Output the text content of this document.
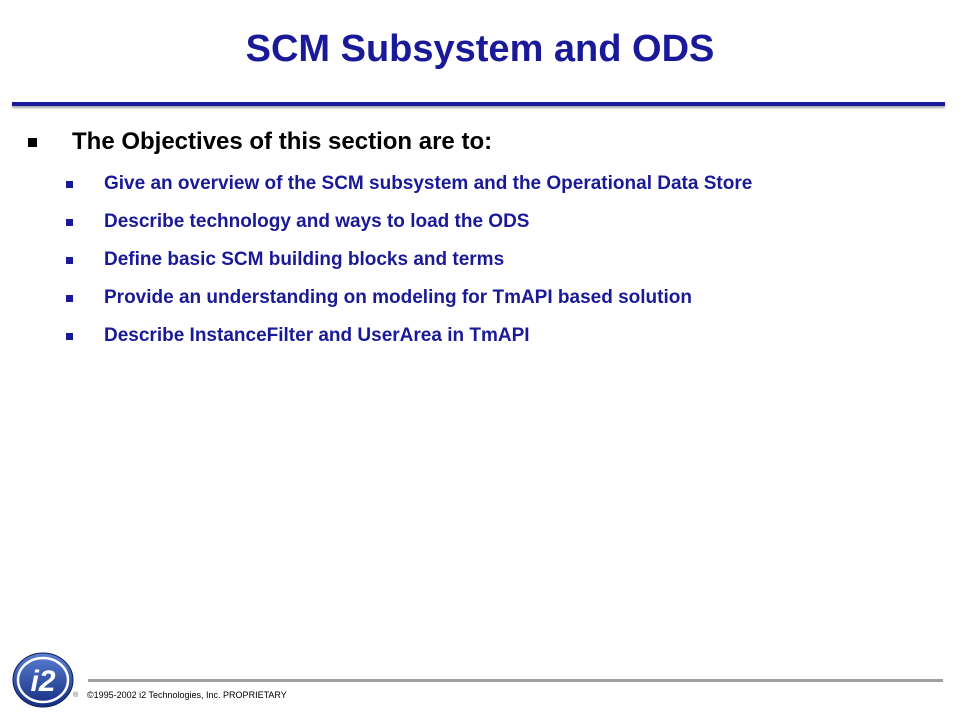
SCM Subsystem and ODS
The Objectives of this section are to:
Give an overview of the SCM subsystem and the Operational Data Store
Describe technology and ways to load the ODS
Define basic SCM building blocks and terms
Provide an understanding on modeling for TmAPI based solution
Describe InstanceFilter and UserArea in TmAPI
i2 ® ©1995-2002 i2 Technologies, Inc. PROPRIETARY
